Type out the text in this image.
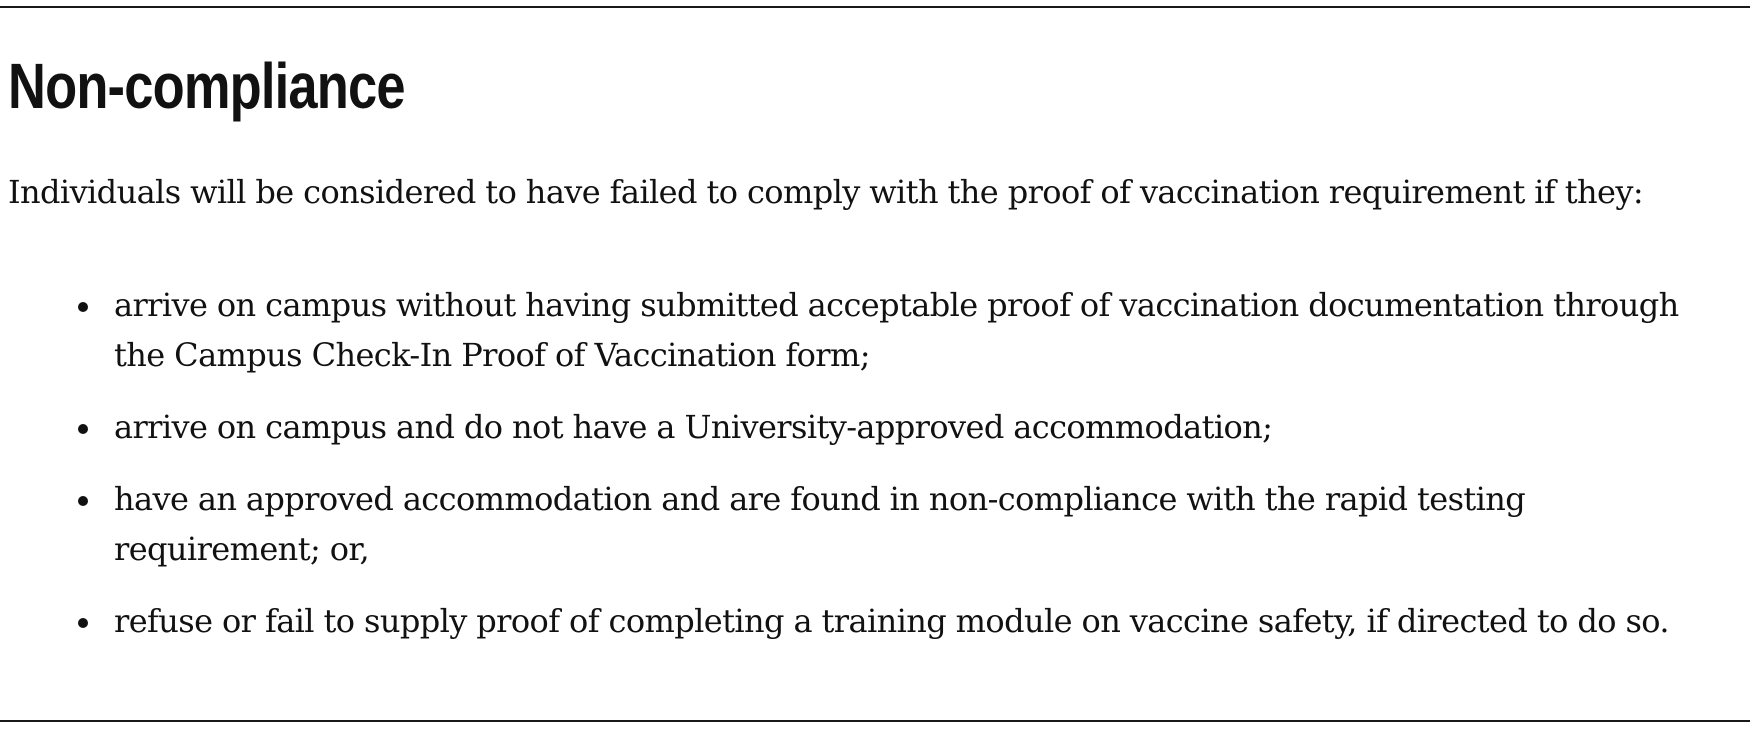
Non-compliance

Individuals will be considered to have failed to comply with the proof of vaccination requirement if they:

arrive on campus without having submitted acceptable proof of vaccination documentation through the Campus Check-In Proof of Vaccination form;
arrive on campus and do not have a University-approved accommodation;
have an approved accommodation and are found in non-compliance with the rapid testing requirement; or,
refuse or fail to supply proof of completing a training module on vaccine safety, if directed to do so.
